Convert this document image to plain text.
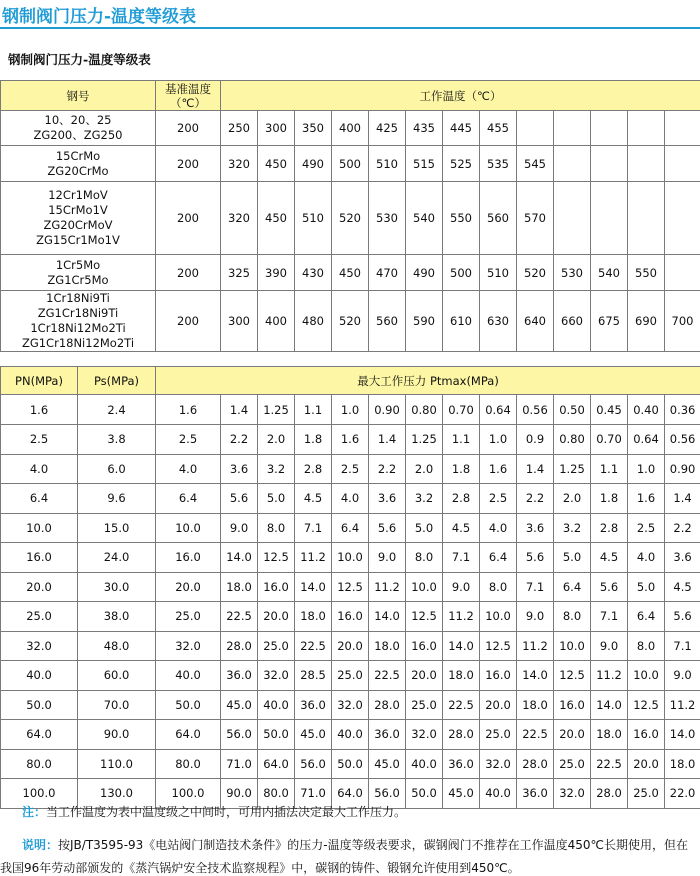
钢制阀门压力-温度等级表
钢制阀门压力-温度等级表
钢号	基准温度（℃）	工作温度（℃）												

10、20、25
ZG200、ZG250	200	250	300	350	400	425	435	445	455					

15CrMo
ZG20CrMo	200	320	450	490	500	510	515	525	535	545				

12Cr1MoV
15CrMo1V
ZG20CrMoV
ZG15Cr1Mo1V	200	320	450	510	520	530	540	550	560	570				

1Cr5Mo
ZG1Cr5Mo	200	325	390	430	450	470	490	500	510	520	530	540	550	

1Cr18Ni9Ti
ZG1Cr18Ni9Ti
1Cr18Ni12Mo2Ti
ZG1Cr18Ni12Mo2Ti	200	300	400	480	520	560	590	610	630	640	660	675	690	700
PN(MPa)	Ps(MPa)	最大工作压力 Ptmax(MPa)													
1.6	2.4	1.6	1.4	1.25	1.1	1.0	0.90	0.80	0.70	0.64	0.56	0.50	0.45	0.40	0.36
2.5	3.8	2.5	2.2	2.0	1.8	1.6	1.4	1.25	1.1	1.0	0.9	0.80	0.70	0.64	0.56
4.0	6.0	4.0	3.6	3.2	2.8	2.5	2.2	2.0	1.8	1.6	1.4	1.25	1.1	1.0	0.90
6.4	9.6	6.4	5.6	5.0	4.5	4.0	3.6	3.2	2.8	2.5	2.2	2.0	1.8	1.6	1.4
10.0	15.0	10.0	9.0	8.0	7.1	6.4	5.6	5.0	4.5	4.0	3.6	3.2	2.8	2.5	2.2
16.0	24.0	16.0	14.0	12.5	11.2	10.0	9.0	8.0	7.1	6.4	5.6	5.0	4.5	4.0	3.6
20.0	30.0	20.0	18.0	16.0	14.0	12.5	11.2	10.0	9.0	8.0	7.1	6.4	5.6	5.0	4.5
25.0	38.0	25.0	22.5	20.0	18.0	16.0	14.0	12.5	11.2	10.0	9.0	8.0	7.1	6.4	5.6
32.0	48.0	32.0	28.0	25.0	22.5	20.0	18.0	16.0	14.0	12.5	11.2	10.0	9.0	8.0	7.1
40.0	60.0	40.0	36.0	32.0	28.5	25.0	22.5	20.0	18.0	16.0	14.0	12.5	11.2	10.0	9.0
50.0	70.0	50.0	45.0	40.0	36.0	32.0	28.0	25.0	22.5	20.0	18.0	16.0	14.0	12.5	11.2
64.0	90.0	64.0	56.0	50.0	45.0	40.0	36.0	32.0	28.0	25.0	22.5	20.0	18.0	16.0	14.0
80.0	110.0	80.0	71.0	64.0	56.0	50.0	45.0	40.0	36.0	32.0	28.0	25.0	22.5	20.0	18.0
100.0	130.0	100.0	90.0	80.0	71.0	64.0	56.0	50.0	45.0	40.0	36.0	32.0	28.0	25.0	22.0
注：当工作温度为表中温度级之中间时，可用内插法决定最大工作压力。
说明：按JB/T3595-93《电站阀门制造技术条件》的压力-温度等级表要求，碳钢阀门不推荐在工作温度450℃长期使用，但在
我国96年劳动部颁发的《蒸汽锅炉安全技术监察规程》中，碳钢的铸件、锻钢允许使用到450℃。
